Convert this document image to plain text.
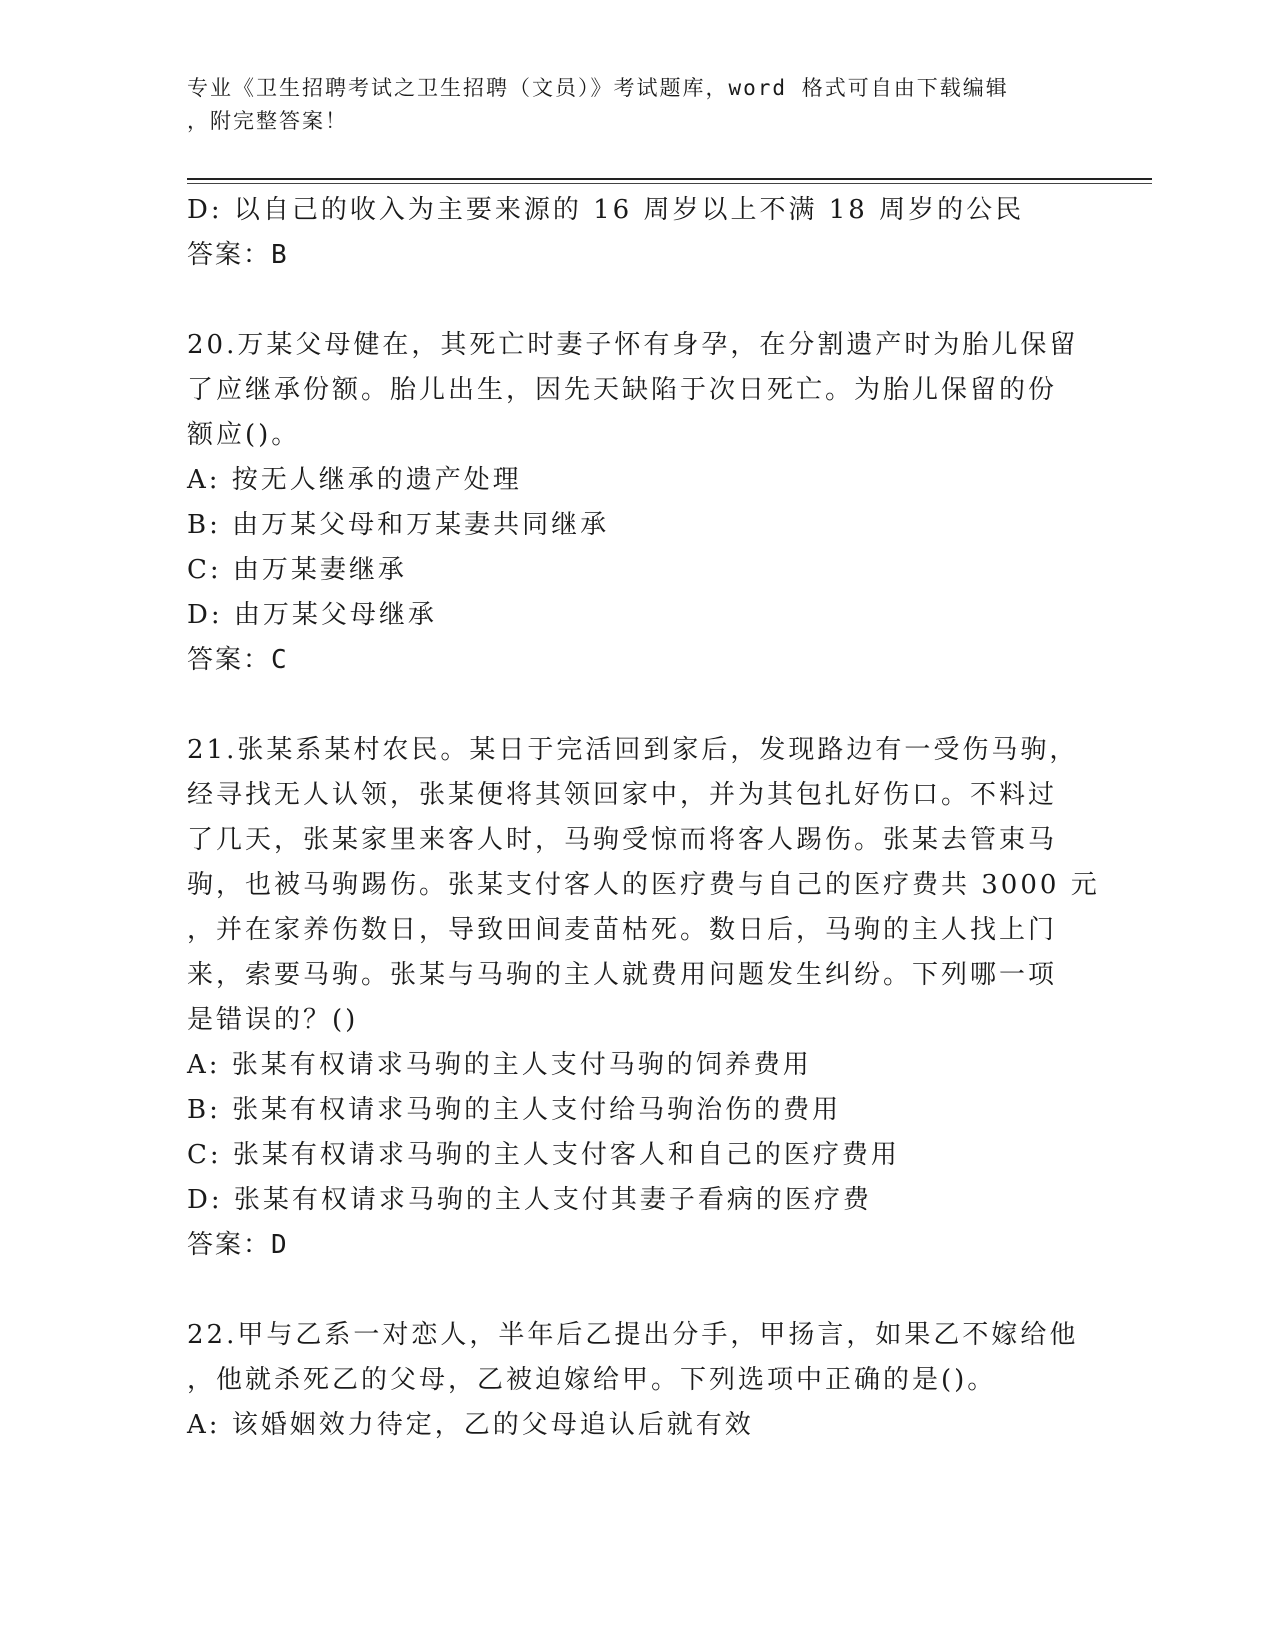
专业《卫生招聘考试之卫生招聘（文员）》考试题库，word 格式可自由下载编辑
，附完整答案！
D: 以自己的收入为主要来源的 16 周岁以上不满 18 周岁的公民
答案：B
20.万某父母健在，其死亡时妻子怀有身孕，在分割遗产时为胎儿保留
了应继承份额。胎儿出生，因先天缺陷于次日死亡。为胎儿保留的份
额应()。
A: 按无人继承的遗产处理
B: 由万某父母和万某妻共同继承
C: 由万某妻继承
D: 由万某父母继承
答案：C
21.张某系某村农民。某日于完活回到家后，发现路边有一受伤马驹，
经寻找无人认领，张某便将其领回家中，并为其包扎好伤口。不料过
了几天，张某家里来客人时，马驹受惊而将客人踢伤。张某去管束马
驹，也被马驹踢伤。张某支付客人的医疗费与自己的医疗费共 3000 元
，并在家养伤数日，导致田间麦苗枯死。数日后，马驹的主人找上门
来，索要马驹。张某与马驹的主人就费用问题发生纠纷。下列哪一项
是错误的？()
A: 张某有权请求马驹的主人支付马驹的饲养费用
B: 张某有权请求马驹的主人支付给马驹治伤的费用
C: 张某有权请求马驹的主人支付客人和自己的医疗费用
D: 张某有权请求马驹的主人支付其妻子看病的医疗费
答案：D
22.甲与乙系一对恋人，半年后乙提出分手，甲扬言，如果乙不嫁给他
，他就杀死乙的父母，乙被迫嫁给甲。下列选项中正确的是()。
A: 该婚姻效力待定，乙的父母追认后就有效
